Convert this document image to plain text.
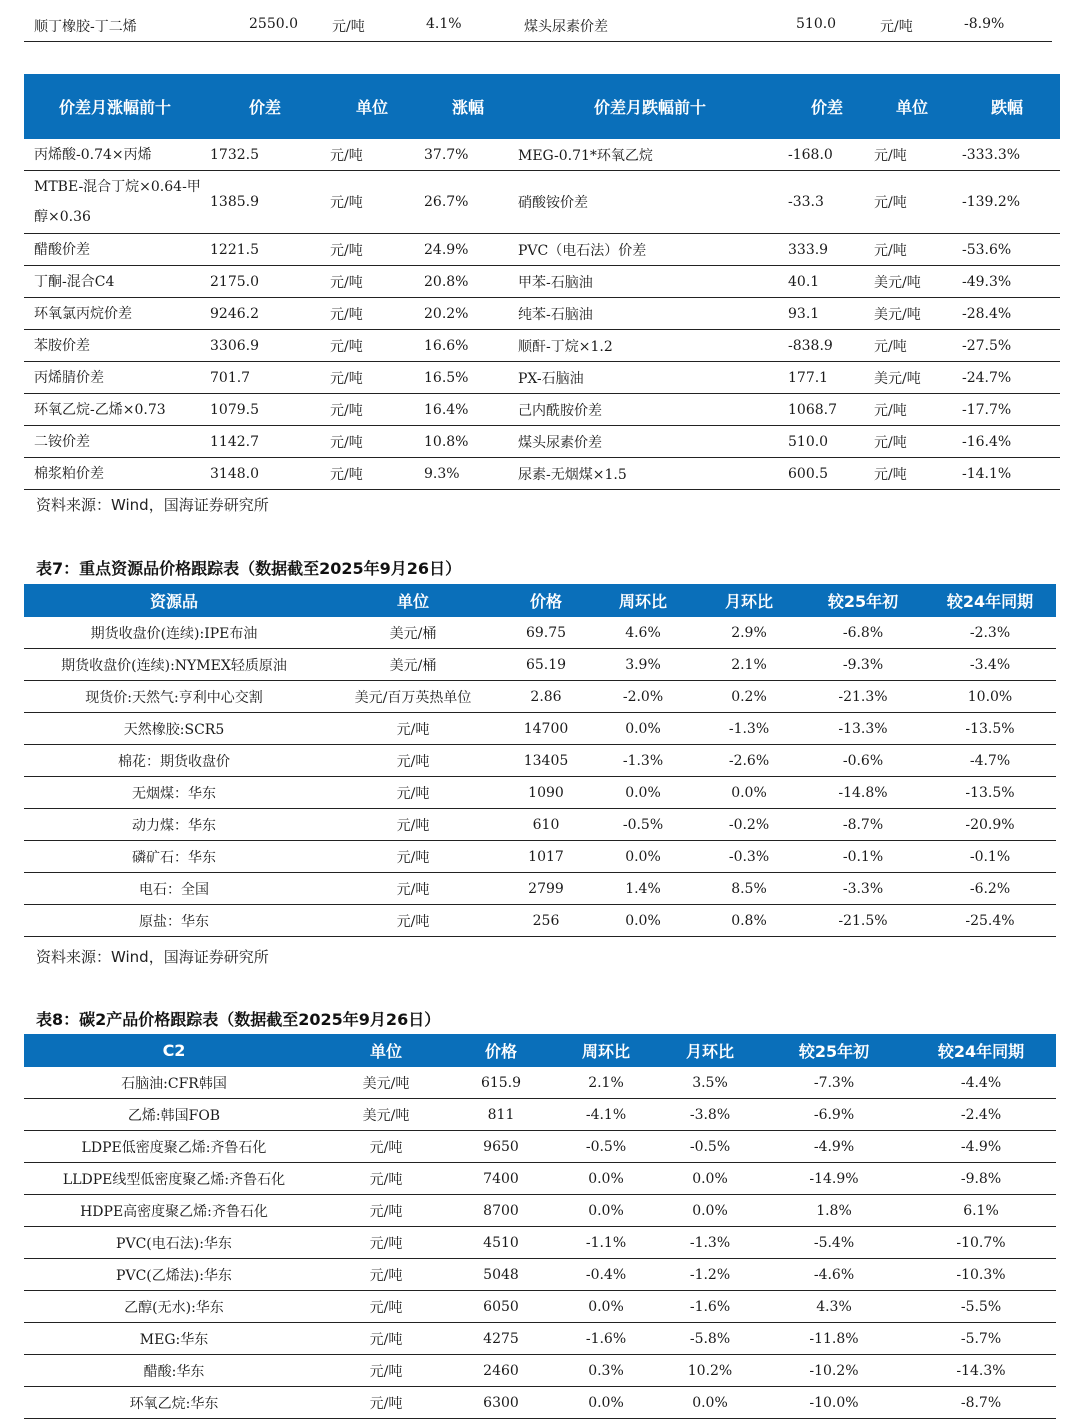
顺丁橡胶-丁二烯	2550.0 元/吨	4.1%	煤头尿素价差	510.0	元/吨	-8.9%
价差月涨幅前十	价差	单位	涨幅	价差月跌幅前十	价差	单位	跌幅
丙烯酸-0.74×丙烯	1732.5	元/吨	37.7%	MEG-0.71*环氧乙烷	-168.0	元/吨	-333.3%
MTBE-混合丁烷×0.64-甲醇×0.36	1385.9	元/吨	26.7%	硝酸铵价差	-33.3	元/吨	-139.2%
醋酸价差	1221.5	元/吨	24.9%	PVC（电石法）价差	333.9	元/吨	-53.6%
丁酮-混合C4	2175.0	元/吨	20.8%	甲苯-石脑油	40.1	美元/吨	-49.3%
环氧氯丙烷价差	9246.2	元/吨	20.2%	纯苯-石脑油	93.1	美元/吨	-28.4%
苯胺价差	3306.9	元/吨	16.6%	顺酐-丁烷×1.2	-838.9	元/吨	-27.5%
丙烯腈价差	701.7	元/吨	16.5%	PX-石脑油	177.1	美元/吨	-24.7%
环氧乙烷-乙烯×0.73	1079.5	元/吨	16.4%	己内酰胺价差	1068.7	元/吨	-17.7%
二铵价差	1142.7	元/吨	10.8%	煤头尿素价差	510.0	元/吨	-16.4%
棉浆粕价差	3148.0	元/吨	9.3%	尿素-无烟煤×1.5	600.5	元/吨	-14.1%
资料来源：Wind，国海证券研究所
表7：重点资源品价格跟踪表（数据截至2025年9月26日）
资源品	单位	价格	周环比	月环比	较25年初	较24年同期
期货收盘价(连续):IPE布油	美元/桶	69.75	4.6%	2.9%	-6.8%	-2.3%
期货收盘价(连续):NYMEX轻质原油	美元/桶	65.19	3.9%	2.1%	-9.3%	-3.4%
现货价:天然气:亨利中心交割	美元/百万英热单位	2.86	-2.0%	0.2%	-21.3%	10.0%
天然橡胶:SCR5	元/吨	14700	0.0%	-1.3%	-13.3%	-13.5%
棉花：期货收盘价	元/吨	13405	-1.3%	-2.6%	-0.6%	-4.7%
无烟煤：华东	元/吨	1090	0.0%	0.0%	-14.8%	-13.5%
动力煤：华东	元/吨	610	-0.5%	-0.2%	-8.7%	-20.9%
磷矿石：华东	元/吨	1017	0.0%	-0.3%	-0.1%	-0.1%
电石：全国	元/吨	2799	1.4%	8.5%	-3.3%	-6.2%
原盐：华东	元/吨	256	0.0%	0.8%	-21.5%	-25.4%
资料来源：Wind，国海证券研究所
表8：碳2产品价格跟踪表（数据截至2025年9月26日）
C2	单位	价格	周环比	月环比	较25年初	较24年同期
石脑油:CFR韩国	美元/吨	615.9	2.1%	3.5%	-7.3%	-4.4%
乙烯:韩国FOB	美元/吨	811	-4.1%	-3.8%	-6.9%	-2.4%
LDPE低密度聚乙烯:齐鲁石化	元/吨	9650	-0.5%	-0.5%	-4.9%	-4.9%
LLDPE线型低密度聚乙烯:齐鲁石化	元/吨	7400	0.0%	0.0%	-14.9%	-9.8%
HDPE高密度聚乙烯:齐鲁石化	元/吨	8700	0.0%	0.0%	1.8%	6.1%
PVC(电石法):华东	元/吨	4510	-1.1%	-1.3%	-5.4%	-10.7%
PVC(乙烯法):华东	元/吨	5048	-0.4%	-1.2%	-4.6%	-10.3%
乙醇(无水):华东	元/吨	6050	0.0%	-1.6%	4.3%	-5.5%
MEG:华东	元/吨	4275	-1.6%	-5.8%	-11.8%	-5.7%
醋酸:华东	元/吨	2460	0.3%	10.2%	-10.2%	-14.3%
环氧乙烷:华东	元/吨	6300	0.0%	0.0%	-10.0%	-8.7%
